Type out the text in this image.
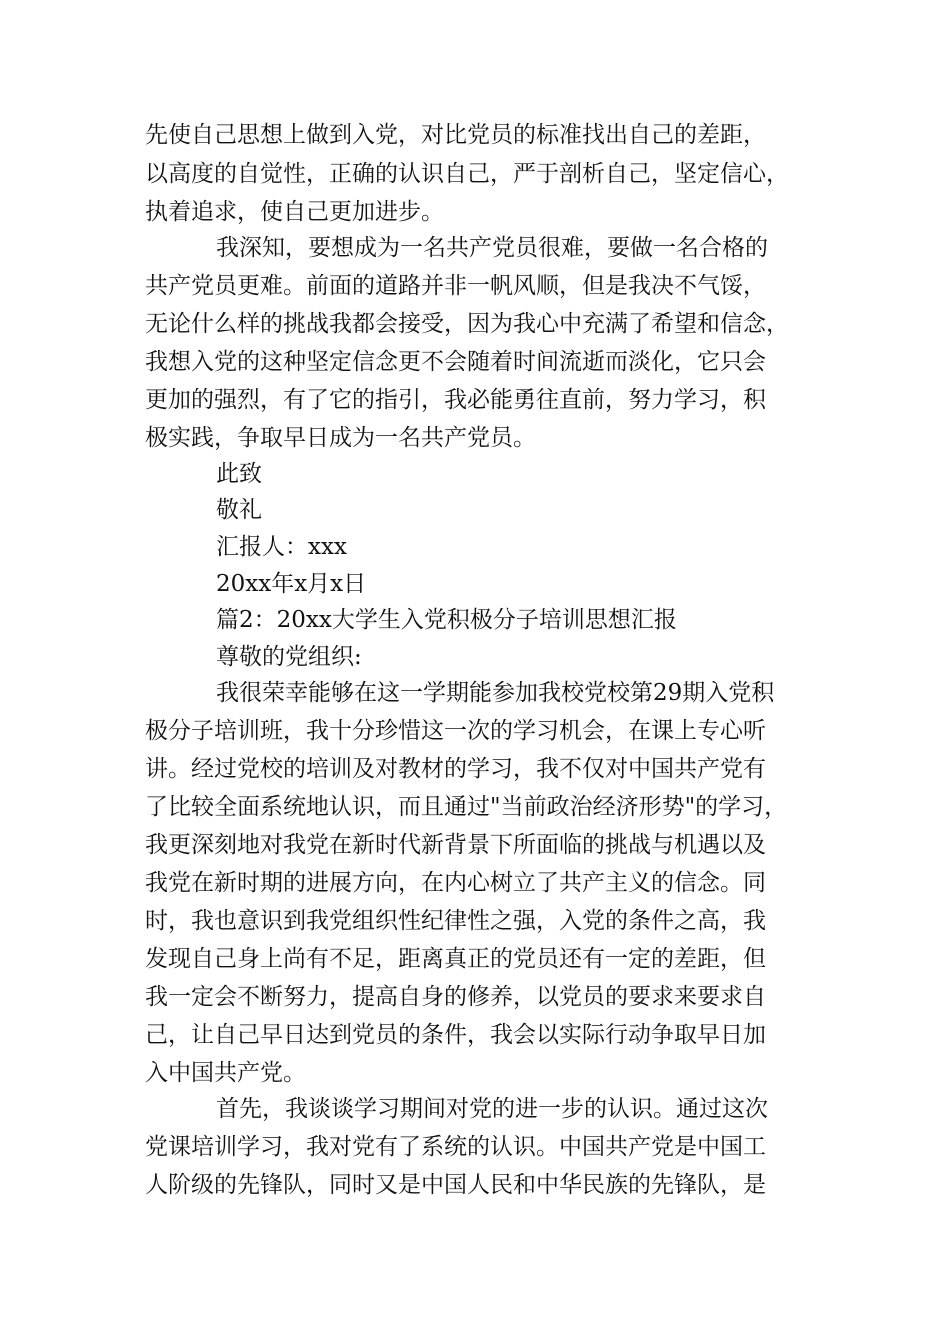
先使自己思想上做到入党，对比党员的标准找出自己的差距，
以高度的自觉性，正确的认识自己，严于剖析自己，坚定信心，
执着追求，使自己更加进步。
我深知，要想成为一名共产党员很难，要做一名合格的
共产党员更难。前面的道路并非一帆风顺，但是我决不气馁，
无论什么样的挑战我都会接受，因为我心中充满了希望和信念，
我想入党的这种坚定信念更不会随着时间流逝而淡化，它只会
更加的强烈，有了它的指引，我必能勇往直前，努力学习，积
极实践，争取早日成为一名共产党员。
此致
敬礼
汇报人：xxx
20xx年x月x日
篇2：20xx大学生入党积极分子培训思想汇报
尊敬的党组织:
我很荣幸能够在这一学期能参加我校党校第29期入党积
极分子培训班，我十分珍惜这一次的学习机会，在课上专心听
讲。经过党校的培训及对教材的学习，我不仅对中国共产党有
了比较全面系统地认识，而且通过"当前政治经济形势"的学习，
我更深刻地对我党在新时代新背景下所面临的挑战与机遇以及
我党在新时期的进展方向，在内心树立了共产主义的信念。同
时，我也意识到我党组织性纪律性之强，入党的条件之高，我
发现自己身上尚有不足，距离真正的党员还有一定的差距，但
我一定会不断努力，提高自身的修养，以党员的要求来要求自
己，让自己早日达到党员的条件，我会以实际行动争取早日加
入中国共产党。
首先，我谈谈学习期间对党的进一步的认识。通过这次
党课培训学习，我对党有了系统的认识。中国共产党是中国工
人阶级的先锋队，同时又是中国人民和中华民族的先锋队，是
